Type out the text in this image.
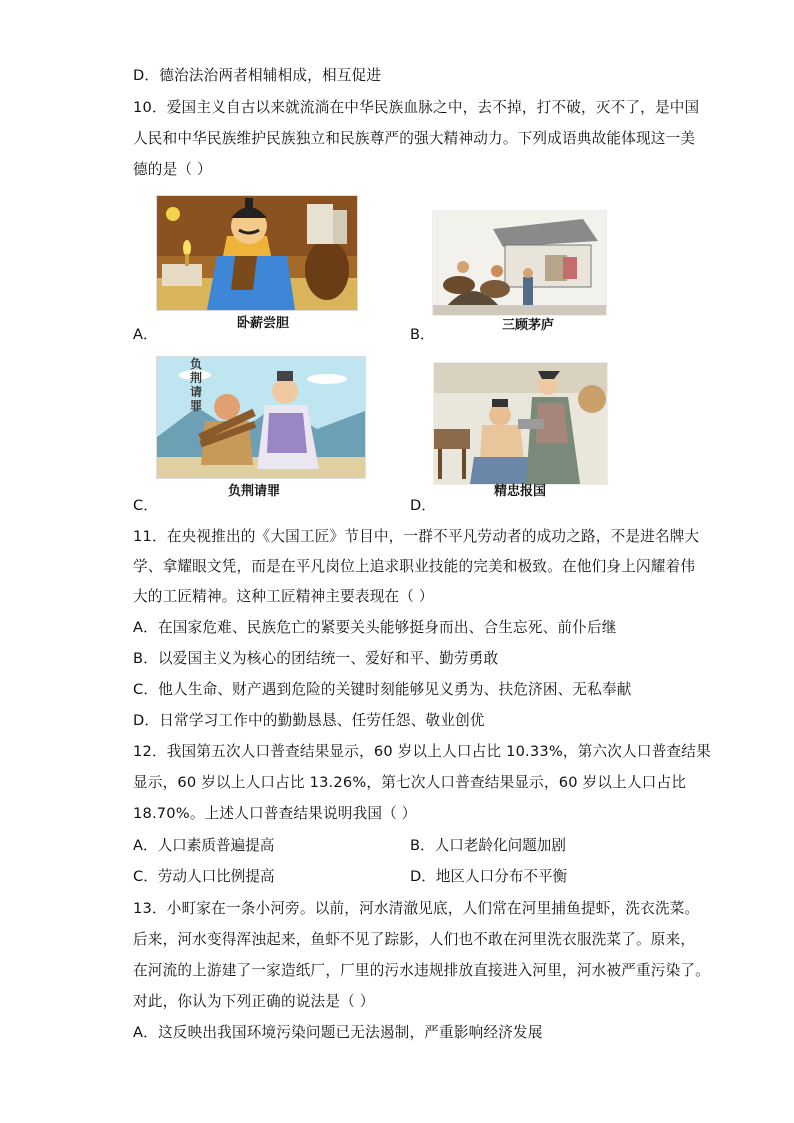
D．德治法治两者相辅相成，相互促进
10．爱国主义自古以来就流淌在中华民族血脉之中，去不掉，打不破，灭不了，是中国
人民和中华民族维护民族独立和民族尊严的强大精神动力。下列成语典故能体现这一美
德的是（ ）
A．
卧薪尝胆
B．
三顾茅庐
负荆请罪
C．
负荆请罪
D．
精忠报国
11．在央视推出的《大国工匠》节目中，一群不平凡劳动者的成功之路，不是进名牌大
学、拿耀眼文凭，而是在平凡岗位上追求职业技能的完美和极致。在他们身上闪耀着伟
大的工匠精神。这种工匠精神主要表现在（ ）
A．在国家危难、民族危亡的紧要关头能够挺身而出、合生忘死、前仆后继
B．以爱国主义为核心的团结统一、爱好和平、勤劳勇敢
C．他人生命、财产遇到危险的关键时刻能够见义勇为、扶危济困、无私奉献
D．日常学习工作中的勤勤恳恳、任劳任怨、敬业创优
12．我国第五次人口普查结果显示，60 岁以上人口占比 10.33%，第六次人口普查结果
显示，60 岁以上人口占比 13.26%，第七次人口普查结果显示，60 岁以上人口占比
18.70%。上述人口普查结果说明我国（ ）
A．人口素质普遍提高	B．人口老龄化问题加剧
C．劳动人口比例提高	D．地区人口分布不平衡
13．小町家在一条小河旁。以前，河水清澈见底，人们常在河里捕鱼提虾，洗衣洗菜。
后来，河水变得浑浊起来，鱼虾不见了踪影，人们也不敢在河里洗衣服洗菜了。原来，
在河流的上游建了一家造纸厂，厂里的污水违规排放直接进入河里，河水被严重污染了。
对此，你认为下列正确的说法是（ ）
A．这反映出我国环境污染问题已无法遏制，严重影响经济发展
